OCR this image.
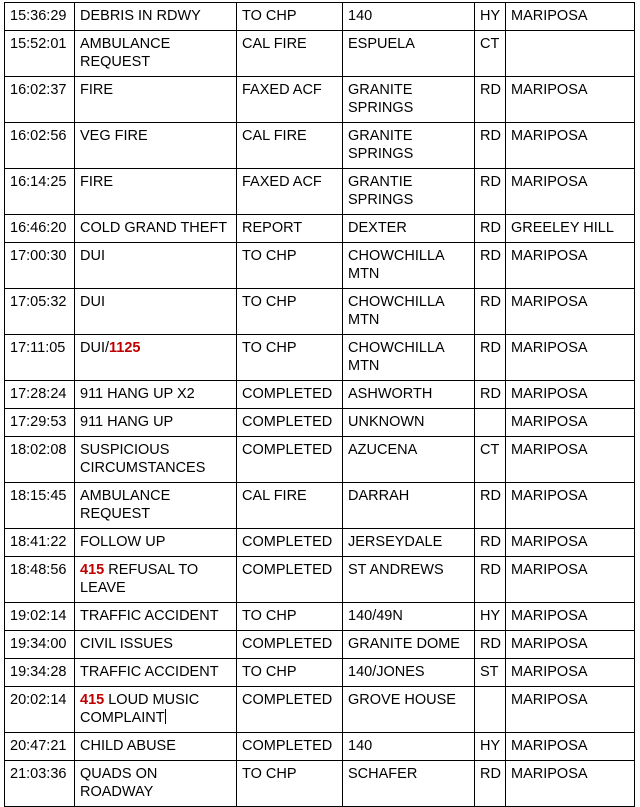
15:36:29	DEBRIS IN RDWY	TO CHP	140	HY	MARIPOSA
15:52:01	AMBULANCE REQUEST	CAL FIRE	ESPUELA	CT	
16:02:37	FIRE	FAXED ACF	GRANITE SPRINGS	RD	MARIPOSA
16:02:56	VEG FIRE	CAL FIRE	GRANITE SPRINGS	RD	MARIPOSA
16:14:25	FIRE	FAXED ACF	GRANTIE SPRINGS	RD	MARIPOSA
16:46:20	COLD GRAND THEFT	REPORT	DEXTER	RD	GREELEY HILL
17:00:30	DUI	TO CHP	CHOWCHILLA MTN	RD	MARIPOSA
17:05:32	DUI	TO CHP	CHOWCHILLA MTN	RD	MARIPOSA
17:11:05	DUI/1125	TO CHP	CHOWCHILLA MTN	RD	MARIPOSA
17:28:24	911 HANG UP X2	COMPLETED	ASHWORTH	RD	MARIPOSA
17:29:53	911 HANG UP	COMPLETED	UNKNOWN		MARIPOSA
18:02:08	SUSPICIOUS CIRCUMSTANCES	COMPLETED	AZUCENA	CT	MARIPOSA
18:15:45	AMBULANCE REQUEST	CAL FIRE	DARRAH	RD	MARIPOSA
18:41:22	FOLLOW UP	COMPLETED	JERSEYDALE	RD	MARIPOSA
18:48:56	415 REFUSAL TO LEAVE	COMPLETED	ST ANDREWS	RD	MARIPOSA
19:02:14	TRAFFIC ACCIDENT	TO CHP	140/49N	HY	MARIPOSA
19:34:00	CIVIL ISSUES	COMPLETED	GRANITE DOME	RD	MARIPOSA
19:34:28	TRAFFIC ACCIDENT	TO CHP	140/JONES	ST	MARIPOSA
20:02:14	415 LOUD MUSIC COMPLAINT	COMPLETED	GROVE HOUSE		MARIPOSA
20:47:21	CHILD ABUSE	COMPLETED	140	HY	MARIPOSA
21:03:36	QUADS ON ROADWAY	TO CHP	SCHAFER	RD	MARIPOSA
